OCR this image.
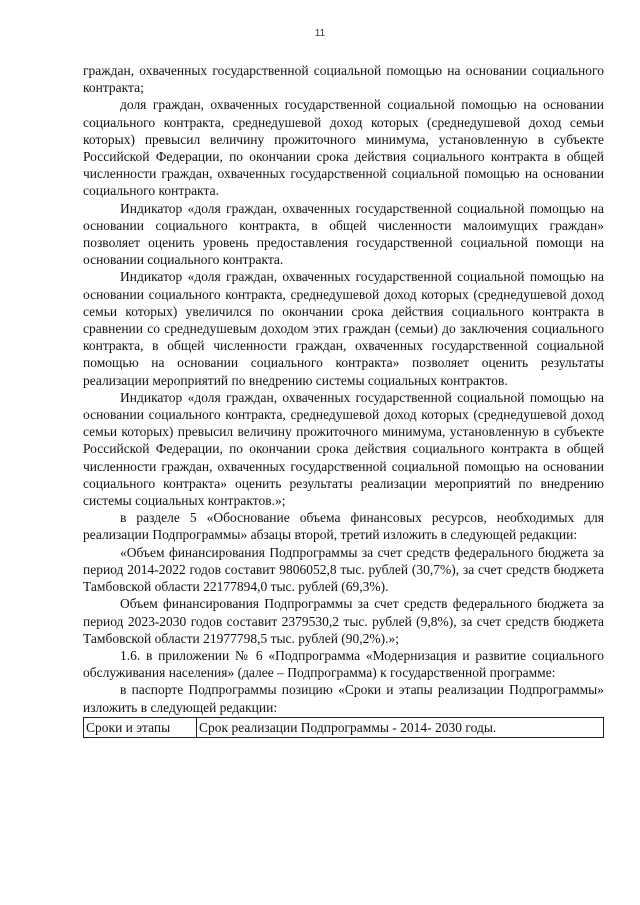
11

граждан, охваченных государственной социальной помощью на основании социального контракта;

доля граждан, охваченных государственной социальной помощью на основании социального контракта, среднедушевой доход которых (среднедушевой доход семьи которых) превысил величину прожиточного минимума, установленную в субъекте Российской Федерации, по окончании срока действия социального контракта в общей численности граждан, охваченных государственной социальной помощью на основании социального контракта.

Индикатор «доля граждан, охваченных государственной социальной помощью на основании социального контракта, в общей численности малоимущих граждан» позволяет оценить уровень предоставления государственной социальной помощи на основании социального контракта.

Индикатор «доля граждан, охваченных государственной социальной помощью на основании социального контракта, среднедушевой доход которых (среднедушевой доход семьи которых) увеличился по окончании срока действия социального контракта в сравнении со среднедушевым доходом этих граждан (семьи) до заключения социального контракта, в общей численности граждан, охваченных государственной социальной помощью на основании социального контракта» позволяет оценить результаты реализации мероприятий по внедрению системы социальных контрактов.

Индикатор «доля граждан, охваченных государственной социальной помощью на основании социального контракта, среднедушевой доход которых (среднедушевой доход семьи которых) превысил величину прожиточного минимума, установленную в субъекте Российской Федерации, по окончании срока действия социального контракта в общей численности граждан, охваченных государственной социальной помощью на основании социального контракта» оценить результаты реализации мероприятий по внедрению системы социальных контрактов.»;

в разделе 5 «Обоснование объема финансовых ресурсов, необходимых для реализации Подпрограммы» абзацы второй, третий изложить в следующей редакции:

«Объем финансирования Подпрограммы за счет средств федерального бюджета за период 2014-2022 годов составит 9806052,8 тыс. рублей (30,7%), за счет средств бюджета Тамбовской области 22177894,0 тыс. рублей (69,3%).

Объем финансирования Подпрограммы за счет средств федерального бюджета за период 2023-2030 годов составит 2379530,2 тыс. рублей (9,8%), за счет средств бюджета Тамбовской области 21977798,5 тыс. рублей (90,2%).»;

1.6. в приложении № 6 «Подпрограмма «Модернизация и развитие социального обслуживания населения» (далее – Подпрограмма) к государственной программе:

в паспорте Подпрограммы позицию «Сроки и этапы реализации Подпрограммы» изложить в следующей редакции:

Сроки и этапы	Срок реализации Подпрограммы - 2014- 2030 годы.
